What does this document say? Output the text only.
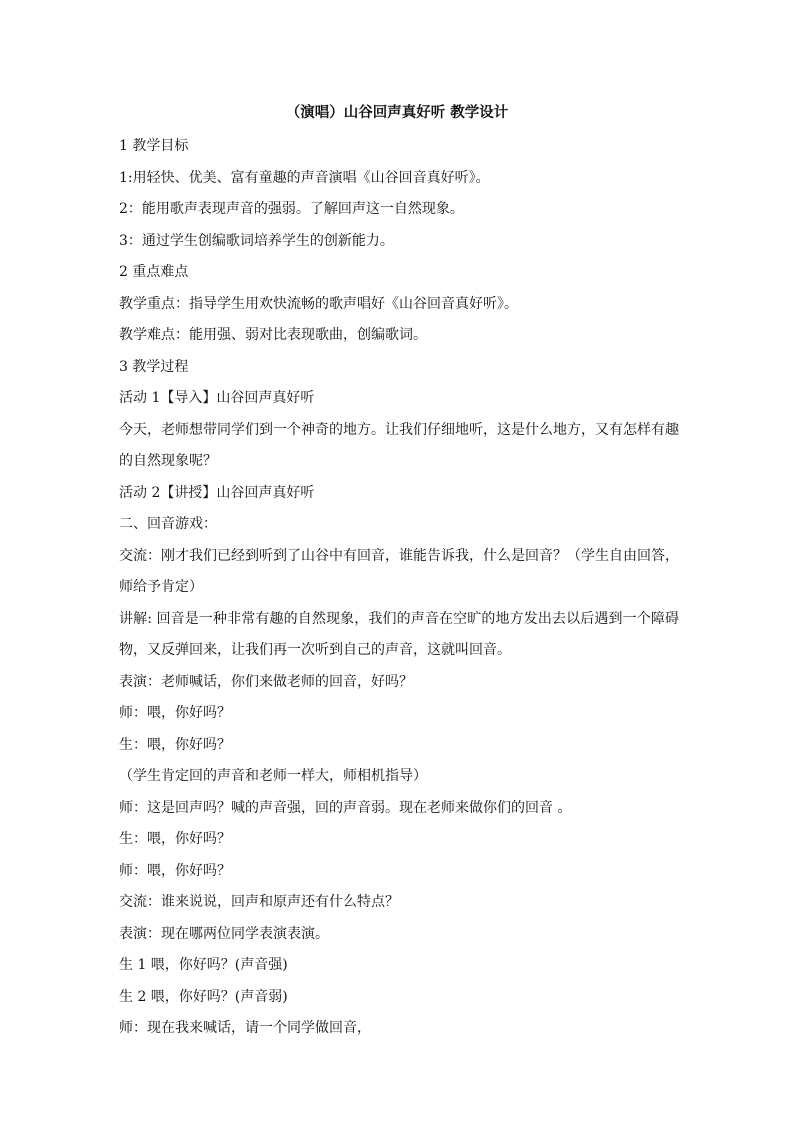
（演唱）山谷回声真好听 教学设计
1 教学目标
1:用轻快、优美、富有童趣的声音演唱《山谷回音真好听》。
2：能用歌声表现声音的强弱。了解回声这一自然现象。
3：通过学生创编歌词培养学生的创新能力。
2 重点难点
教学重点：指导学生用欢快流畅的歌声唱好《山谷回音真好听》。
教学难点：能用强、弱对比表现歌曲，创编歌词。
3 教学过程
活动 1【导入】山谷回声真好听
今天，老师想带同学们到一个神奇的地方。让我们仔细地听，这是什么地方，又有怎样有趣的自然现象呢？
活动 2【讲授】山谷回声真好听
二、回音游戏：
交流：刚才我们已经到听到了山谷中有回音，谁能告诉我，什么是回音？（学生自由回答，师给予肯定）
讲解: 回音是一种非常有趣的自然现象，我们的声音在空旷的地方发出去以后遇到一个障碍物，又反弹回来，让我们再一次听到自己的声音，这就叫回音。
表演：老师喊话，你们来做老师的回音，好吗？
师：喂，你好吗？
生：喂，你好吗？
（学生肯定回的声音和老师一样大，师相机指导）
师：这是回声吗？喊的声音强，回的声音弱。现在老师来做你们的回音 。
生：喂，你好吗？
师：喂，你好吗？
交流：谁来说说，回声和原声还有什么特点？
表演：现在哪两位同学表演表演。
生 1 喂，你好吗？(声音强)
生 2 喂，你好吗？(声音弱)
师：现在我来喊话，请一个同学做回音，
